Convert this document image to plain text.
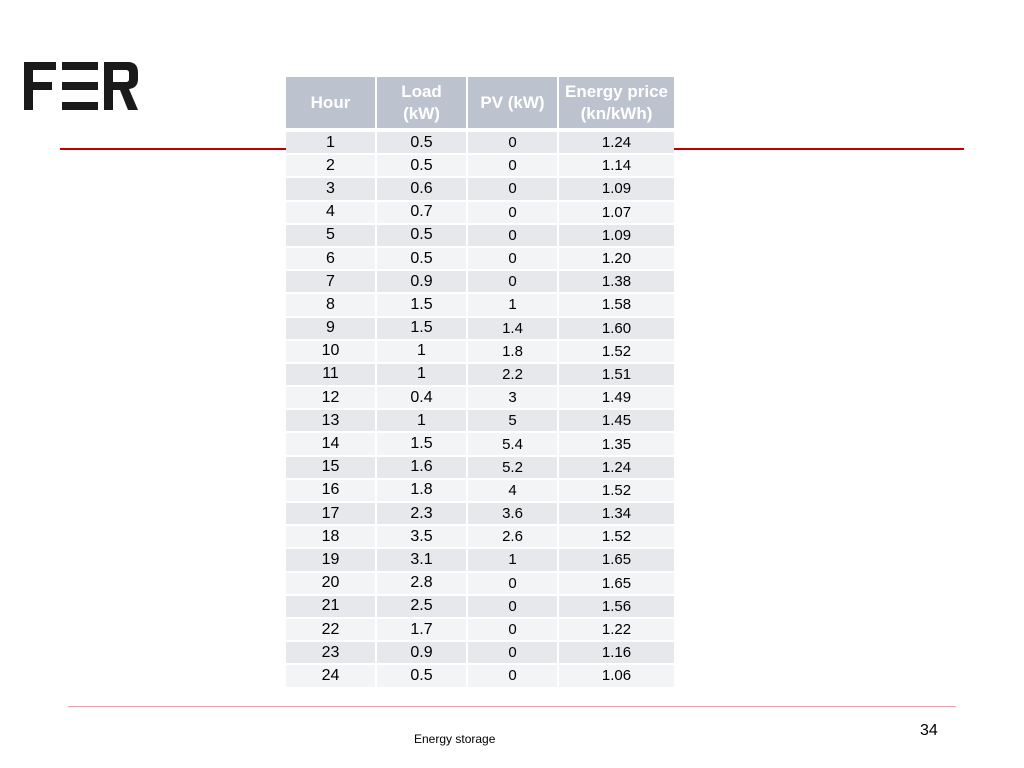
Hour	Load (kW)	PV (kW)	Energy price (kn/kWh)
1	0.5	0	1.24
2	0.5	0	1.14
3	0.6	0	1.09
4	0.7	0	1.07
5	0.5	0	1.09
6	0.5	0	1.20
7	0.9	0	1.38
8	1.5	1	1.58
9	1.5	1.4	1.60
10	1	1.8	1.52
11	1	2.2	1.51
12	0.4	3	1.49
13	1	5	1.45
14	1.5	5.4	1.35
15	1.6	5.2	1.24
16	1.8	4	1.52
17	2.3	3.6	1.34
18	3.5	2.6	1.52
19	3.1	1	1.65
20	2.8	0	1.65
21	2.5	0	1.56
22	1.7	0	1.22
23	0.9	0	1.16
24	0.5	0	1.06
Energy storage	34
